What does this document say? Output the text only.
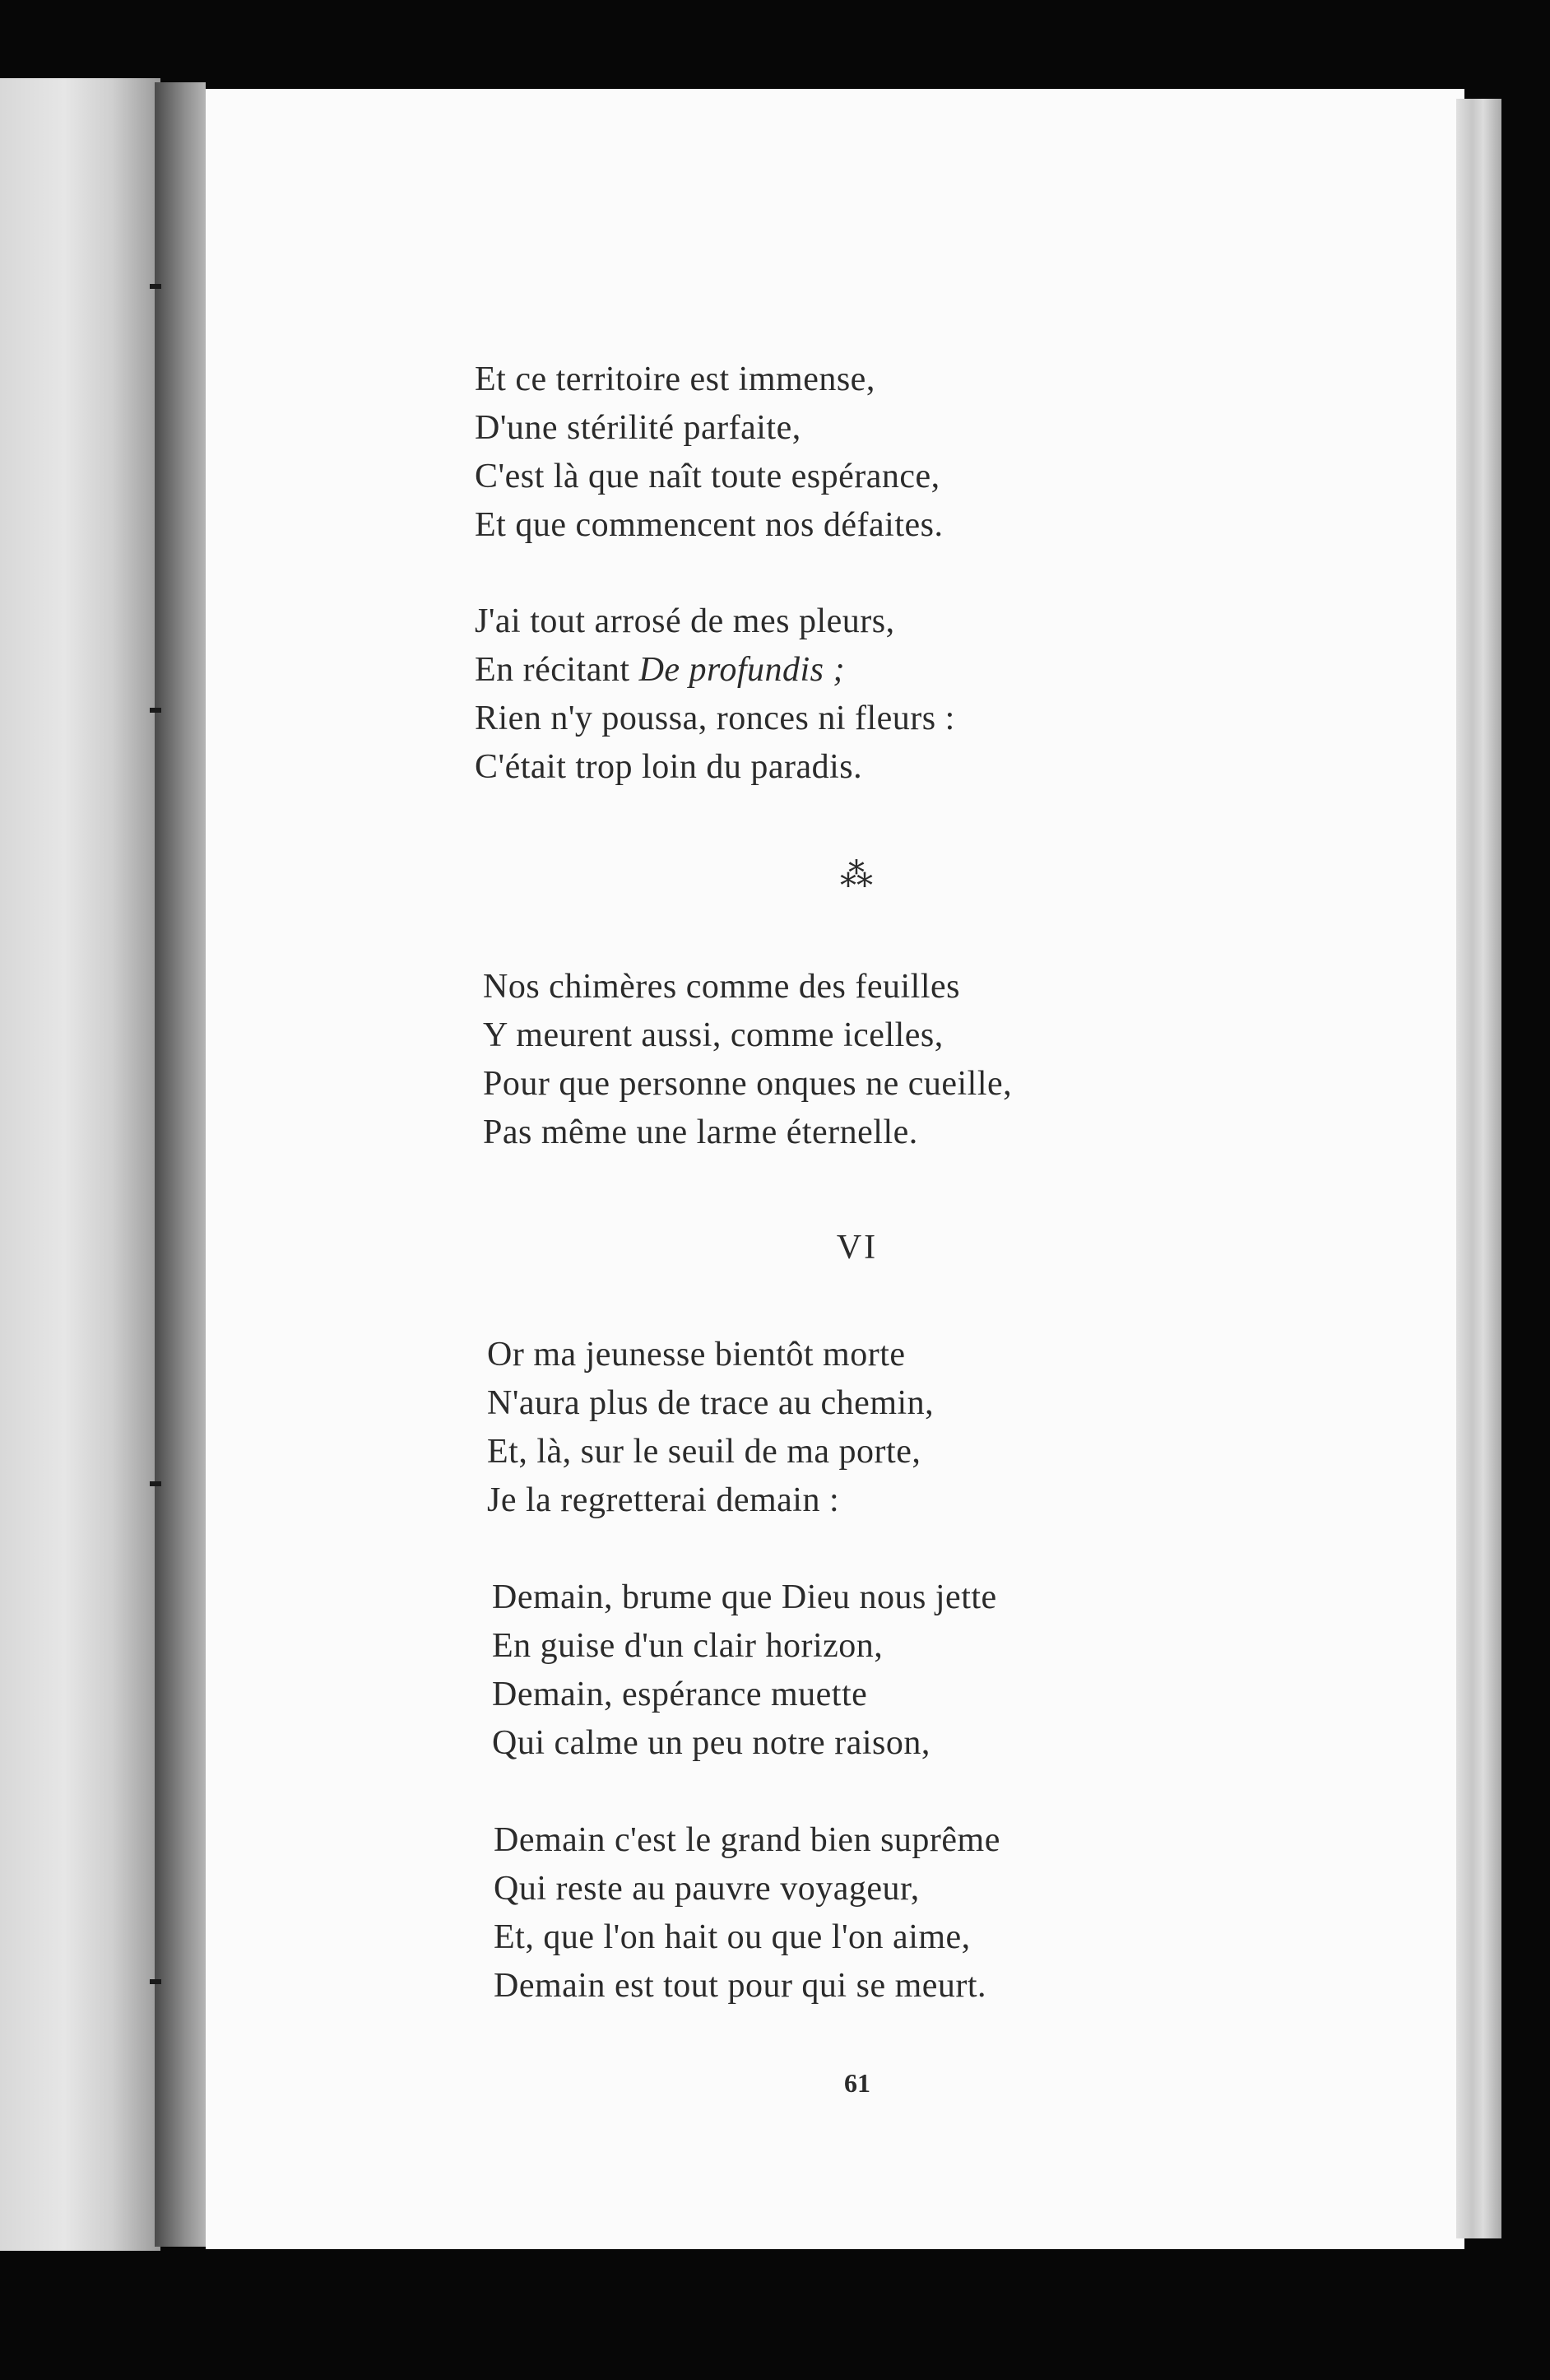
Et ce territoire est immense,
D'une stérilité parfaite,
C'est là que naît toute espérance,
Et que commencent nos défaites.
J'ai tout arrosé de mes pleurs,
En récitant De profundis ;
Rien n'y poussa, ronces ni fleurs :
C'était trop loin du paradis.
⁂
Nos chimères comme des feuilles
Y meurent aussi, comme icelles,
Pour que personne onques ne cueille,
Pas même une larme éternelle.
VI
Or ma jeunesse bientôt morte
N'aura plus de trace au chemin,
Et, là, sur le seuil de ma porte,
Je la regretterai demain :
Demain, brume que Dieu nous jette
En guise d'un clair horizon,
Demain, espérance muette
Qui calme un peu notre raison,
Demain c'est le grand bien suprême
Qui reste au pauvre voyageur,
Et, que l'on hait ou que l'on aime,
Demain est tout pour qui se meurt.
61
